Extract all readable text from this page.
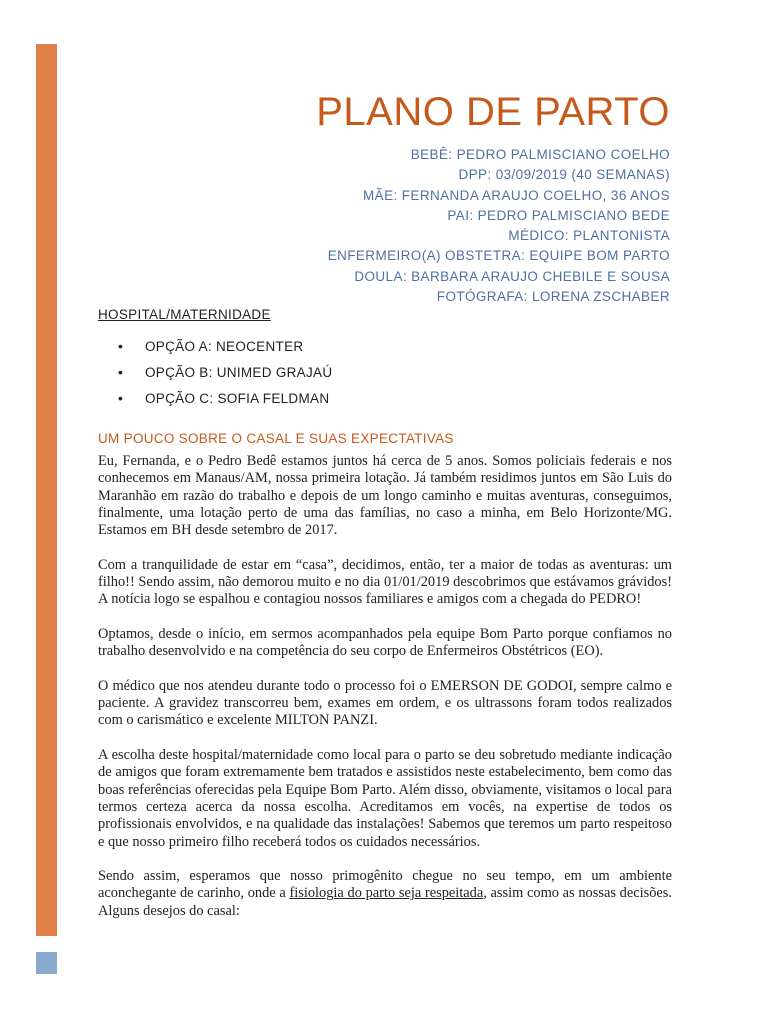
PLANO DE PARTO
BEBÊ: PEDRO PALMISCIANO COELHO
DPP: 03/09/2019 (40 SEMANAS)
MÃE: FERNANDA ARAUJO COELHO, 36 ANOS
PAI: PEDRO PALMISCIANO BEDE
MÉDICO: PLANTONISTA
ENFERMEIRO(A) OBSTETRA: EQUIPE BOM PARTO
DOULA: BARBARA ARAUJO CHEBILE E SOUSA
FOTÓGRAFA: LORENA ZSCHABER
HOSPITAL/MATERNIDADE
•	OPÇÃO A: NEOCENTER
•	OPÇÃO B: UNIMED GRAJAÚ
•	OPÇÃO C: SOFIA FELDMAN
UM POUCO SOBRE O CASAL E SUAS EXPECTATIVAS

Eu, Fernanda, e o Pedro Bedê estamos juntos há cerca de 5 anos. Somos policiais federais e nos conhecemos em Manaus/AM, nossa primeira lotação. Já também residimos juntos em São Luis do Maranhão em razão do trabalho e depois de um longo caminho e muitas aventuras, conseguimos, finalmente, uma lotação perto de uma das famílias, no caso a minha, em Belo Horizonte/MG. Estamos em BH desde setembro de 2017.

Com a tranquilidade de estar em “casa”, decidimos, então, ter a maior de todas as aventuras: um filho!! Sendo assim, não demorou muito e no dia 01/01/2019 descobrimos que estávamos grávidos! A notícia logo se espalhou e contagiou nossos familiares e amigos com a chegada do PEDRO!

Optamos, desde o início, em sermos acompanhados pela equipe Bom Parto porque confiamos no trabalho desenvolvido e na competência do seu corpo de Enfermeiros Obstétricos (EO).

O médico que nos atendeu durante todo o processo foi o EMERSON DE GODOI, sempre calmo e paciente. A gravidez transcorreu bem, exames em ordem, e os ultrassons foram todos realizados com o carismático e excelente MILTON PANZI.

A escolha deste hospital/maternidade como local para o parto se deu sobretudo mediante indicação de amigos que foram extremamente bem tratados e assistidos neste estabelecimento, bem como das boas referências oferecidas pela Equipe Bom Parto. Além disso, obviamente, visitamos o local para termos certeza acerca da nossa escolha. Acreditamos em vocês, na expertise de todos os profissionais envolvidos, e na qualidade das instalações! Sabemos que teremos um parto respeitoso e que nosso primeiro filho receberá todos os cuidados necessários.

Sendo assim, esperamos que nosso primogênito chegue no seu tempo, em um ambiente aconchegante de carinho, onde a fisiologia do parto seja respeitada, assim como as nossas decisões. Alguns desejos do casal:
